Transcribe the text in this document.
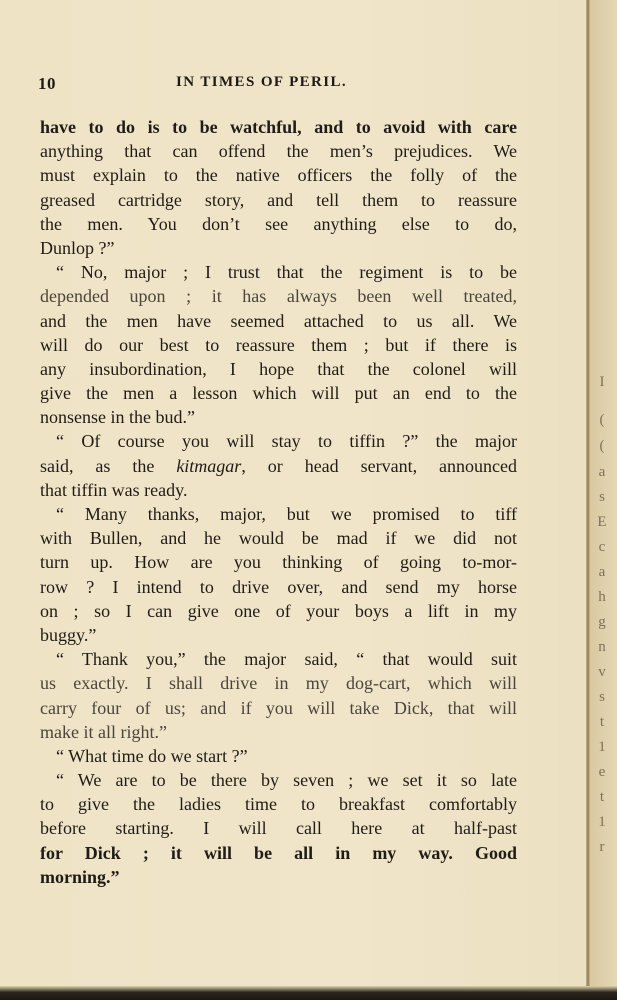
I
(
(
a
s
E
c
a
h
g
n
v
s
t
1
e
t
1
r
10	IN TIMES OF PERIL.
have to do is to be watchful, and to avoid with care
anything that can offend the men’s prejudices. We
must explain to the native officers the folly of the
greased cartridge story, and tell them to reassure
the men. You don’t see anything else to do,
Dunlop ?”
“ No, major ; I trust that the regiment is to be
depended upon ; it has always been well treated,
and the men have seemed attached to us all. We
will do our best to reassure them ; but if there is
any insubordination, I hope that the colonel will
give the men a lesson which will put an end to the
nonsense in the bud.”
“ Of course you will stay to tiffin ?” the major
said, as the kitmagar, or head servant, announced
that tiffin was ready.
“ Many thanks, major, but we promised to tiff
with Bullen, and he would be mad if we did not
turn up. How are you thinking of going to-mor-
row ? I intend to drive over, and send my horse
on ; so I can give one of your boys a lift in my
buggy.”
“ Thank you,” the major said, “ that would suit
us exactly. I shall drive in my dog-cart, which will
carry four of us; and if you will take Dick, that will
make it all right.”
“ What time do we start ?”
“ We are to be there by seven ; we set it so late
to give the ladies time to breakfast comfortably
before starting. I will call here at half-past
for Dick ; it will be all in my way. Good
morning.”
